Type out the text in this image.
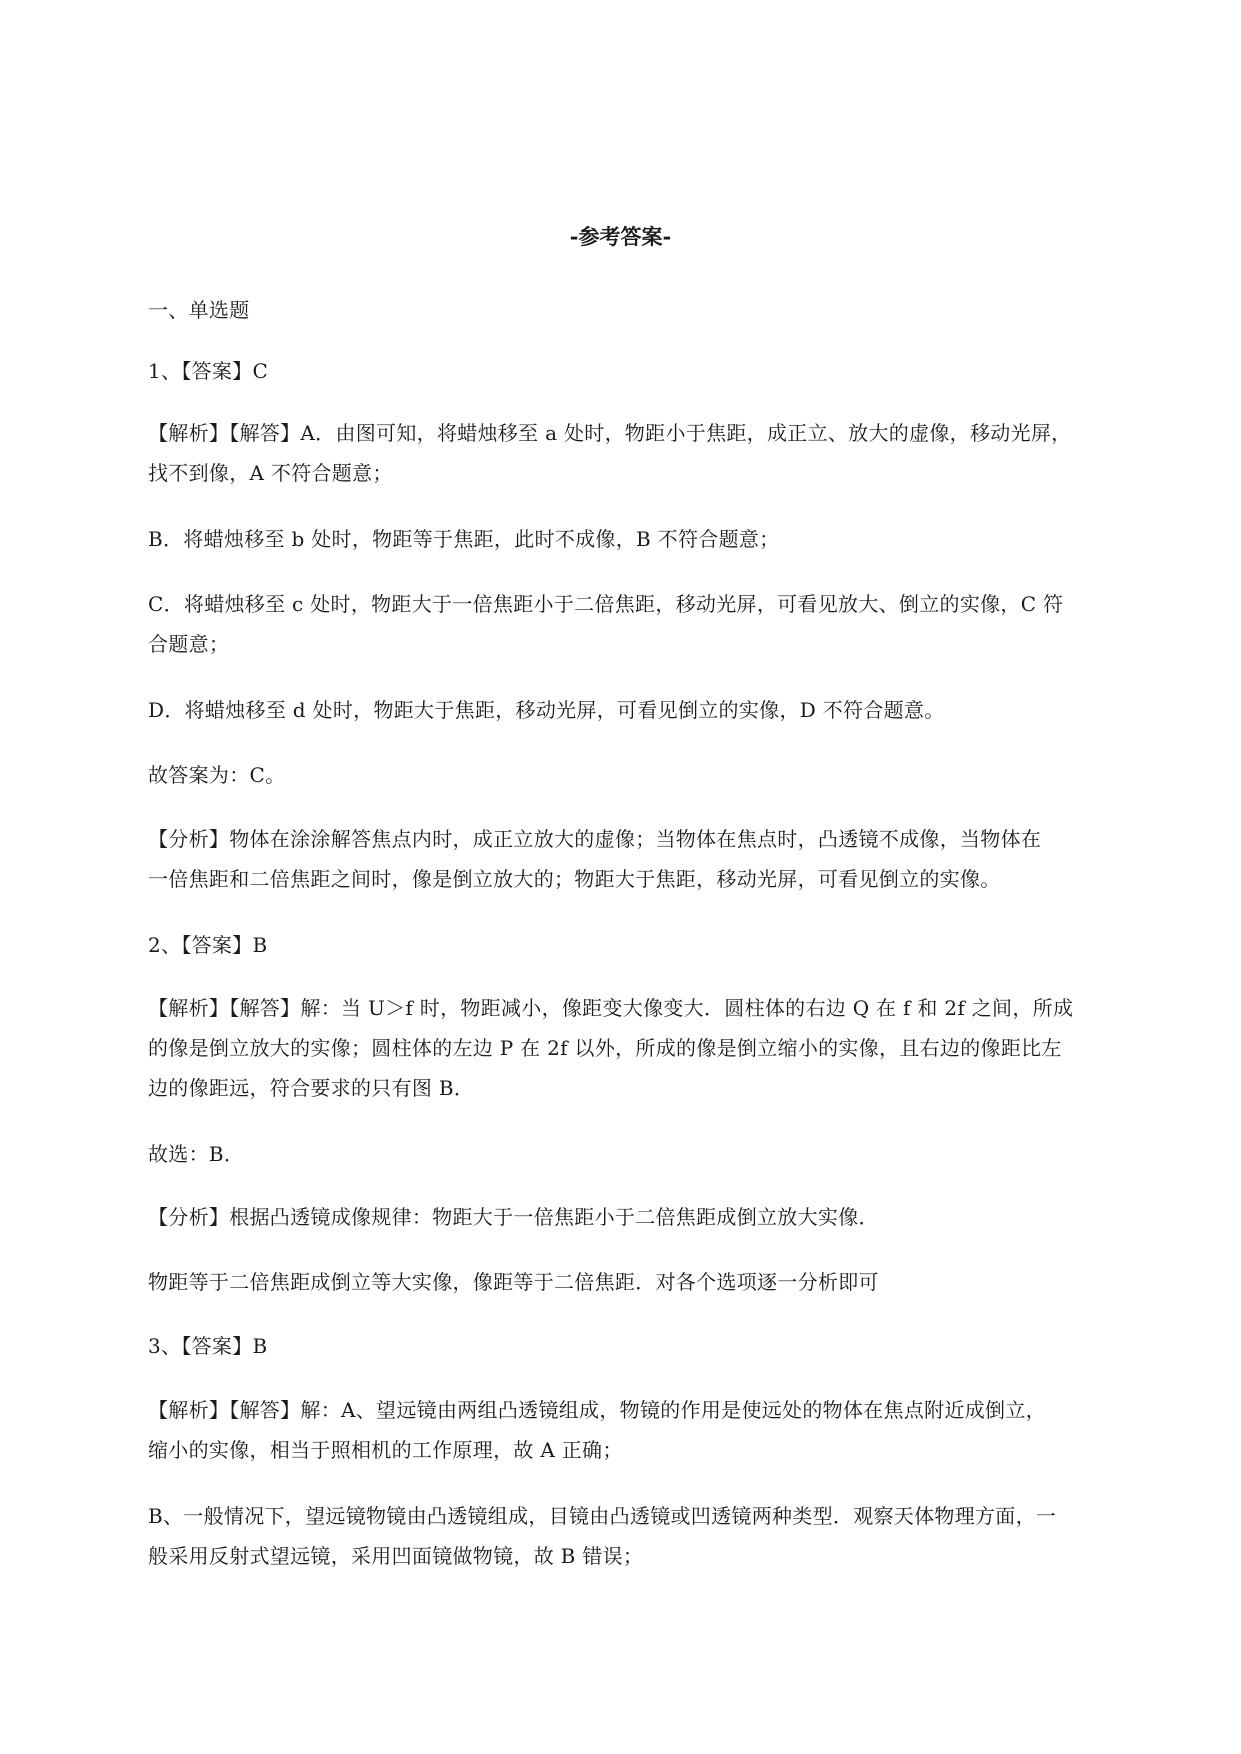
-参考答案-
一、单选题
1、【答案】C
【解析】【解答】A．由图可知，将蜡烛移至 a 处时，物距小于焦距，成正立、放大的虚像，移动光屏，
找不到像，A 不符合题意；
B．将蜡烛移至 b 处时，物距等于焦距，此时不成像，B 不符合题意；
C．将蜡烛移至 c 处时，物距大于一倍焦距小于二倍焦距，移动光屏，可看见放大、倒立的实像，C 符
合题意；
D．将蜡烛移至 d 处时，物距大于焦距，移动光屏，可看见倒立的实像，D 不符合题意。
故答案为：C。
【分析】物体在涂涂解答焦点内时，成正立放大的虚像；当物体在焦点时，凸透镜不成像，当物体在
一倍焦距和二倍焦距之间时，像是倒立放大的；物距大于焦距，移动光屏，可看见倒立的实像。
2、【答案】B
【解析】【解答】解：当 U＞f 时，物距减小，像距变大像变大．圆柱体的右边 Q 在 f 和 2f 之间，所成
的像是倒立放大的实像；圆柱体的左边 P 在 2f 以外，所成的像是倒立缩小的实像，且右边的像距比左
边的像距远，符合要求的只有图 B．
故选：B．
【分析】根据凸透镜成像规律：物距大于一倍焦距小于二倍焦距成倒立放大实像．
物距等于二倍焦距成倒立等大实像，像距等于二倍焦距．对各个选项逐一分析即可
3、【答案】B
【解析】【解答】解：A、望远镜由两组凸透镜组成，物镜的作用是使远处的物体在焦点附近成倒立，
缩小的实像，相当于照相机的工作原理，故 A 正确；
B、一般情况下，望远镜物镜由凸透镜组成，目镜由凸透镜或凹透镜两种类型．观察天体物理方面，一
般采用反射式望远镜，采用凹面镜做物镜，故 B 错误；
